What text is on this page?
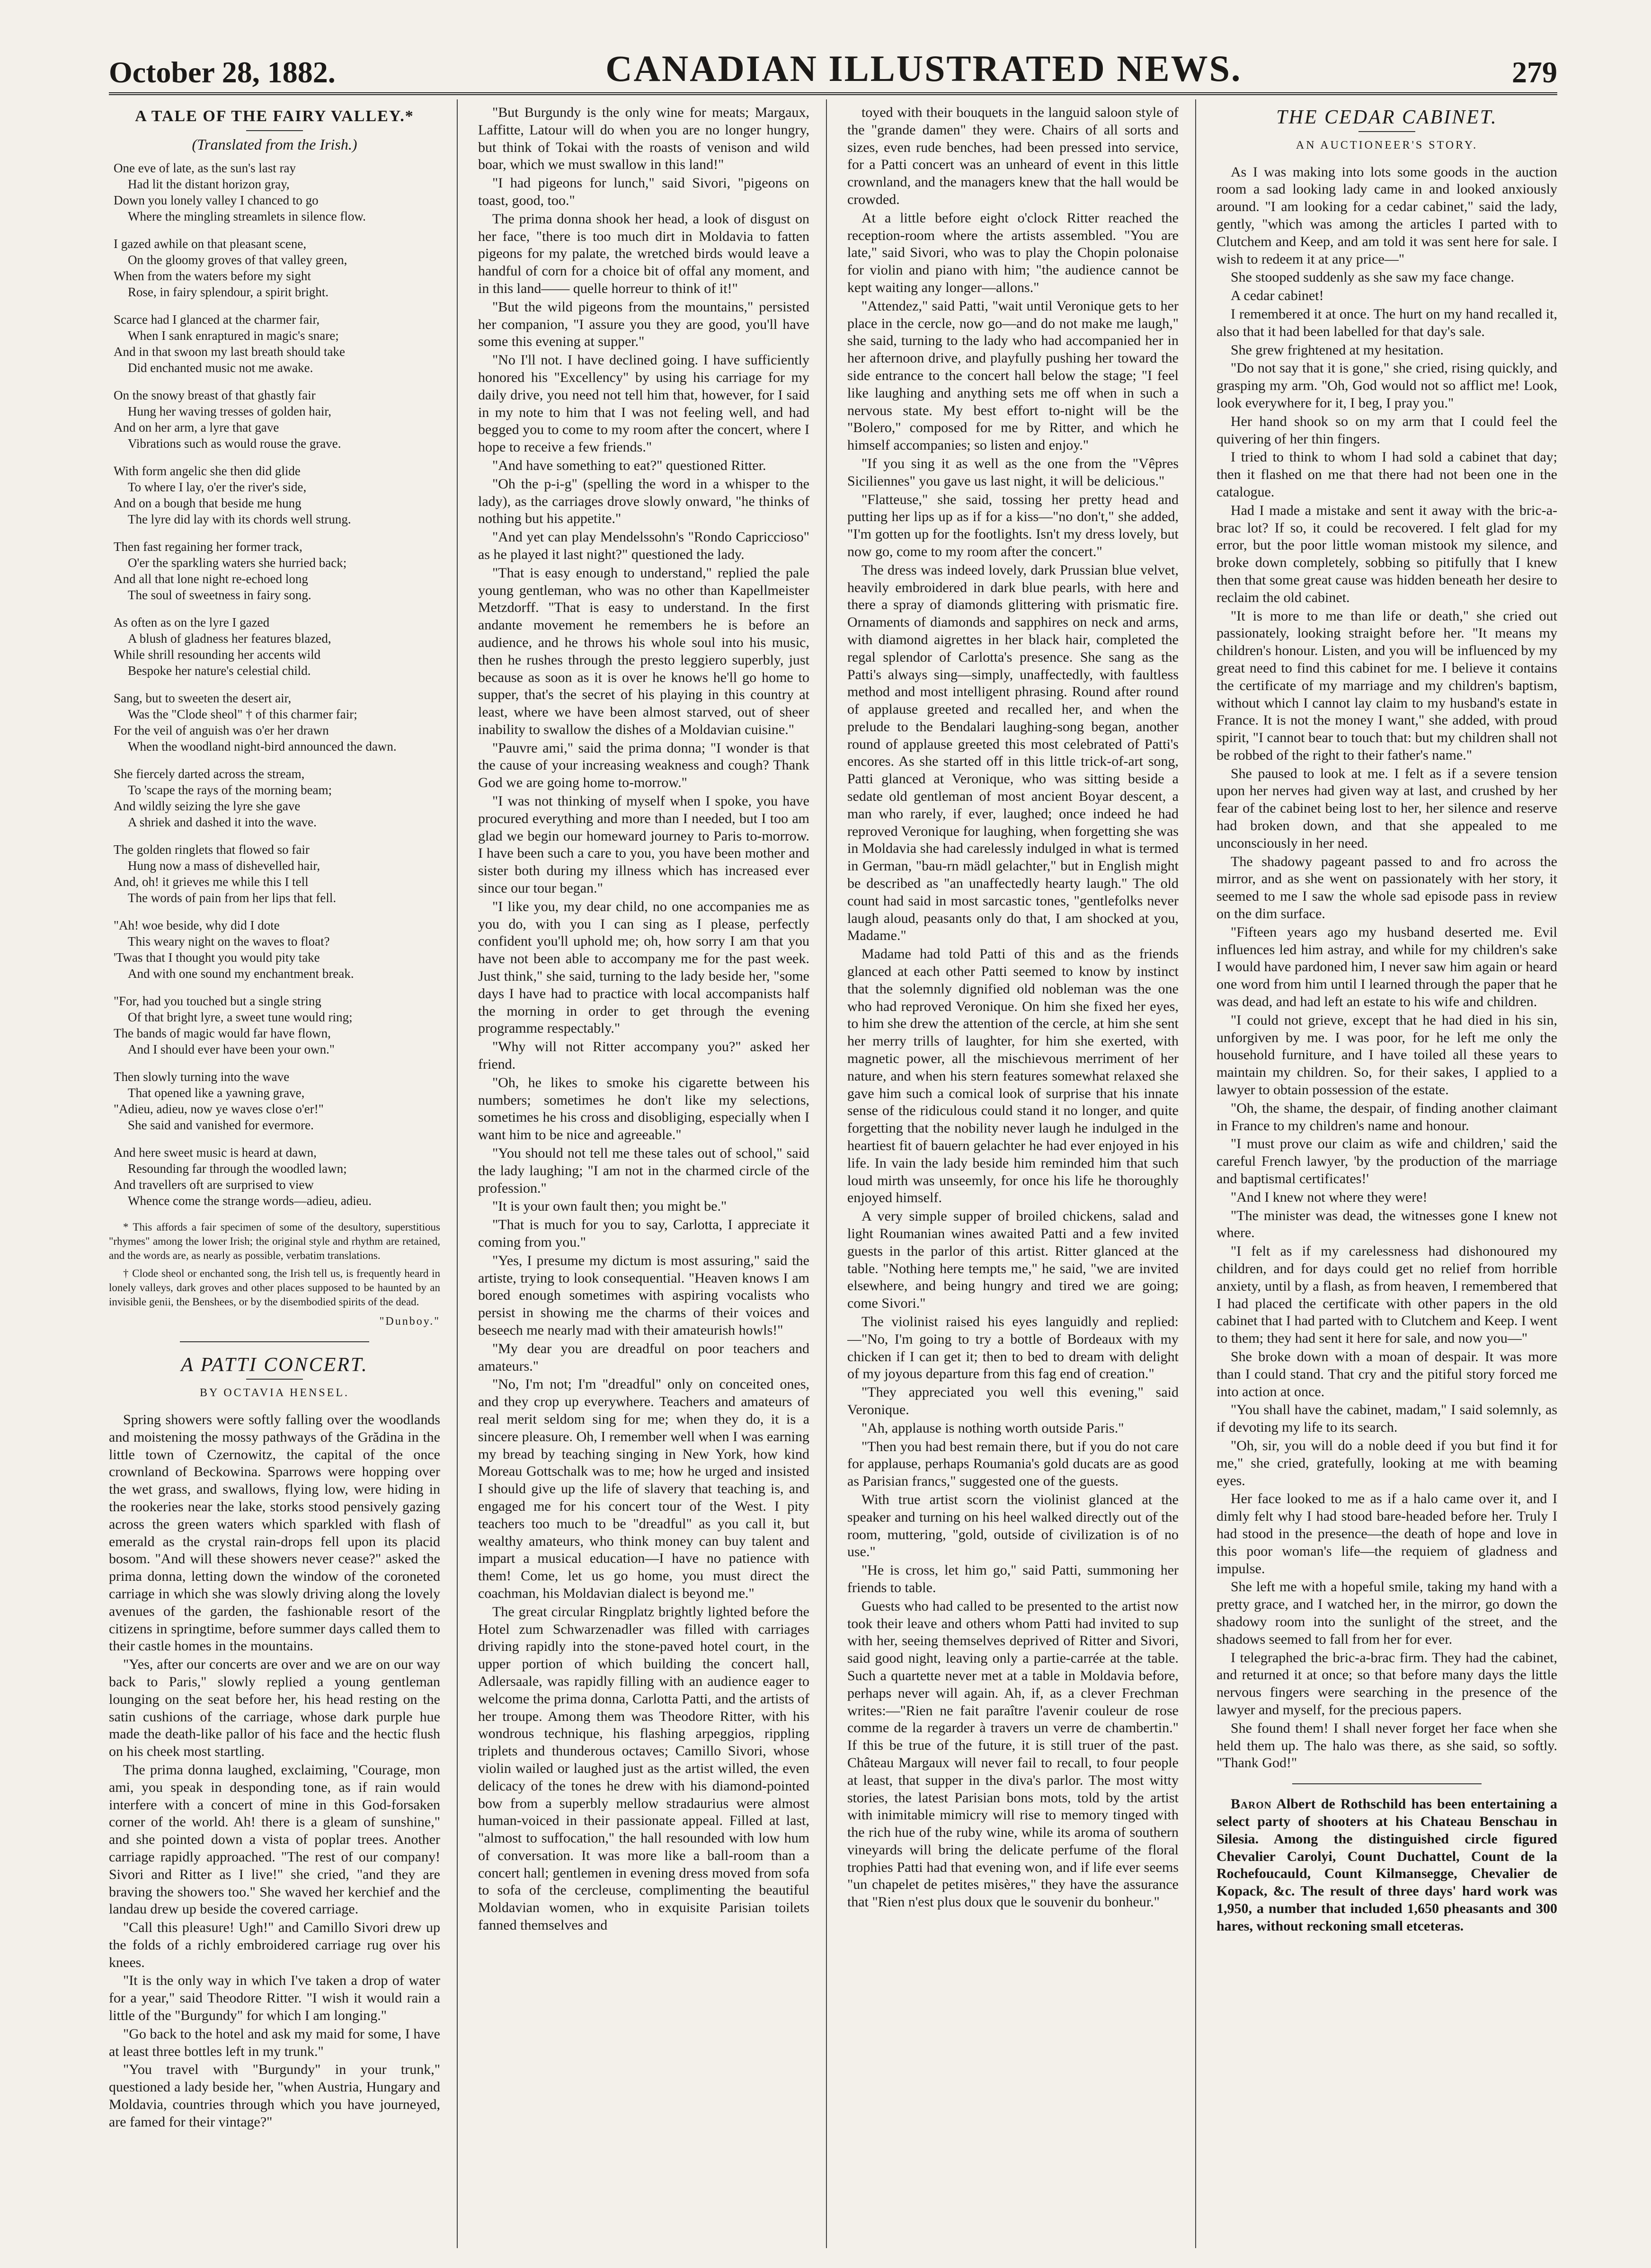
October 28, 1882.	CANADIAN ILLUSTRATED NEWS.	279
A TALE OF THE FAIRY VALLEY.*
(Translated from the Irish.)
One eve of late, as the sun's last ray
Had lit the distant horizon gray,
Down you lonely valley I chanced to go
Where the mingling streamlets in silence flow.
I gazed awhile on that pleasant scene,
On the gloomy groves of that valley green,
When from the waters before my sight
Rose, in fairy splendour, a spirit bright.
Scarce had I glanced at the charmer fair,
When I sank enraptured in magic's snare;
And in that swoon my last breath should take
Did enchanted music not me awake.
On the snowy breast of that ghastly fair
Hung her waving tresses of golden hair,
And on her arm, a lyre that gave
Vibrations such as would rouse the grave.
With form angelic she then did glide
To where I lay, o'er the river's side,
And on a bough that beside me hung
The lyre did lay with its chords well strung.
Then fast regaining her former track,
O'er the sparkling waters she hurried back;
And all that lone night re-echoed long
The soul of sweetness in fairy song.
As often as on the lyre I gazed
A blush of gladness her features blazed,
While shrill resounding her accents wild
Bespoke her nature's celestial child.
Sang, but to sweeten the desert air,
Was the "Clode sheol" † of this charmer fair;
For the veil of anguish was o'er her drawn
When the woodland night-bird announced the dawn.
She fiercely darted across the stream,
To 'scape the rays of the morning beam;
And wildly seizing the lyre she gave
A shriek and dashed it into the wave.
The golden ringlets that flowed so fair
Hung now a mass of dishevelled hair,
And, oh! it grieves me while this I tell
The words of pain from her lips that fell.
"Ah! woe beside, why did I dote
This weary night on the waves to float?
'Twas that I thought you would pity take
And with one sound my enchantment break.
"For, had you touched but a single string
Of that bright lyre, a sweet tune would ring;
The bands of magic would far have flown,
And I should ever have been your own."
Then slowly turning into the wave
That opened like a yawning grave,
"Adieu, adieu, now ye waves close o'er!"
She said and vanished for evermore.
And here sweet music is heard at dawn,
Resounding far through the woodled lawn;
And travellers oft are surprised to view
Whence come the strange words—adieu, adieu.

* This affords a fair specimen of some of the desultory, superstitious "rhymes" among the lower Irish; the original style and rhythm are retained, and the words are, as nearly as possible, verbatim translations.

† Clode sheol or enchanted song, the Irish tell us, is frequently heard in lonely valleys, dark groves and other places supposed to be haunted by an invisible genii, the Benshees, or by the disembodied spirits of the dead.

"Dunboy."
A PATTI CONCERT.
BY OCTAVIA HENSEL.

Spring showers were softly falling over the woodlands and moistening the mossy pathways of the Grădina in the little town of Czernowitz, the capital of the once crownland of Beckowina. Sparrows were hopping over the wet grass, and swallows, flying low, were hiding in the rookeries near the lake, storks stood pensively gazing across the green waters which sparkled with flash of emerald as the crystal rain-drops fell upon its placid bosom. "And will these showers never cease?" asked the prima donna, letting down the window of the coroneted carriage in which she was slowly driving along the lovely avenues of the garden, the fashionable resort of the citizens in springtime, before summer days called them to their castle homes in the mountains.

"Yes, after our concerts are over and we are on our way back to Paris," slowly replied a young gentleman lounging on the seat before her, his head resting on the satin cushions of the carriage, whose dark purple hue made the death-like pallor of his face and the hectic flush on his cheek most startling.

The prima donna laughed, exclaiming, "Courage, mon ami, you speak in desponding tone, as if rain would interfere with a concert of mine in this God-forsaken corner of the world. Ah! there is a gleam of sunshine," and she pointed down a vista of poplar trees. Another carriage rapidly approached. "The rest of our company! Sivori and Ritter as I live!" she cried, "and they are braving the showers too." She waved her kerchief and the landau drew up beside the covered carriage.

"Call this pleasure! Ugh!" and Camillo Sivori drew up the folds of a richly embroidered carriage rug over his knees.

"It is the only way in which I've taken a drop of water for a year," said Theodore Ritter. "I wish it would rain a little of the "Burgundy" for which I am longing."

"Go back to the hotel and ask my maid for some, I have at least three bottles left in my trunk."

"You travel with "Burgundy" in your trunk," questioned a lady beside her, "when Austria, Hungary and Moldavia, countries through which you have journeyed, are famed for their vintage?"

"But Burgundy is the only wine for meats; Margaux, Laffitte, Latour will do when you are no longer hungry, but think of Tokai with the roasts of venison and wild boar, which we must swallow in this land!"

"I had pigeons for lunch," said Sivori, "pigeons on toast, good, too."

The prima donna shook her head, a look of disgust on her face, "there is too much dirt in Moldavia to fatten pigeons for my palate, the wretched birds would leave a handful of corn for a choice bit of offal any moment, and in this land—— quelle horreur to think of it!"

"But the wild pigeons from the mountains," persisted her companion, "I assure you they are good, you'll have some this evening at supper."

"No I'll not. I have declined going. I have sufficiently honored his "Excellency" by using his carriage for my daily drive, you need not tell him that, however, for I said in my note to him that I was not feeling well, and had begged you to come to my room after the concert, where I hope to receive a few friends."

"And have something to eat?" questioned Ritter.

"Oh the p-i-g" (spelling the word in a whisper to the lady), as the carriages drove slowly onward, "he thinks of nothing but his appetite."

"And yet can play Mendelssohn's "Rondo Capriccioso" as he played it last night?" questioned the lady.

"That is easy enough to understand," replied the pale young gentleman, who was no other than Kapellmeister Metzdorff. "That is easy to understand. In the first andante movement he remembers he is before an audience, and he throws his whole soul into his music, then he rushes through the presto leggiero superbly, just because as soon as it is over he knows he'll go home to supper, that's the secret of his playing in this country at least, where we have been almost starved, out of sheer inability to swallow the dishes of a Moldavian cuisine."

"Pauvre ami," said the prima donna; "I wonder is that the cause of your increasing weakness and cough? Thank God we are going home to-morrow."

"I was not thinking of myself when I spoke, you have procured everything and more than I needed, but I too am glad we begin our homeward journey to Paris to-morrow. I have been such a care to you, you have been mother and sister both during my illness which has increased ever since our tour began."

"I like you, my dear child, no one accompanies me as you do, with you I can sing as I please, perfectly confident you'll uphold me; oh, how sorry I am that you have not been able to accompany me for the past week. Just think," she said, turning to the lady beside her, "some days I have had to practice with local accompanists half the morning in order to get through the evening programme respectably."

"Why will not Ritter accompany you?" asked her friend.

"Oh, he likes to smoke his cigarette between his numbers; sometimes he don't like my selections, sometimes he his cross and disobliging, especially when I want him to be nice and agreeable."

"You should not tell me these tales out of school," said the lady laughing; "I am not in the charmed circle of the profession."

"It is your own fault then; you might be."

"That is much for you to say, Carlotta, I appreciate it coming from you."

"Yes, I presume my dictum is most assuring," said the artiste, trying to look consequential. "Heaven knows I am bored enough sometimes with aspiring vocalists who persist in showing me the charms of their voices and beseech me nearly mad with their amateurish howls!"

"My dear you are dreadful on poor teachers and amateurs."

"No, I'm not; I'm "dreadful" only on conceited ones, and they crop up everywhere. Teachers and amateurs of real merit seldom sing for me; when they do, it is a sincere pleasure. Oh, I remember well when I was earning my bread by teaching singing in New York, how kind Moreau Gottschalk was to me; how he urged and insisted I should give up the life of slavery that teaching is, and engaged me for his concert tour of the West. I pity teachers too much to be "dreadful" as you call it, but wealthy amateurs, who think money can buy talent and impart a musical education—I have no patience with them! Come, let us go home, you must direct the coachman, his Moldavian dialect is beyond me."

The great circular Ringplatz brightly lighted before the Hotel zum Schwarzenadler was filled with carriages driving rapidly into the stone-paved hotel court, in the upper portion of which building the concert hall, Adlersaale, was rapidly filling with an audience eager to welcome the prima donna, Carlotta Patti, and the artists of her troupe. Among them was Theodore Ritter, with his wondrous technique, his flashing arpeggios, rippling triplets and thunderous octaves; Camillo Sivori, whose violin wailed or laughed just as the artist willed, the even delicacy of the tones he drew with his diamond-pointed bow from a superbly mellow stradaurius were almost human-voiced in their passionate appeal. Filled at last, "almost to suffocation," the hall resounded with low hum of conversation. It was more like a ball-room than a concert hall; gentlemen in evening dress moved from sofa to sofa of the cercleuse, complimenting the beautiful Moldavian women, who in exquisite Parisian toilets fanned themselves and

toyed with their bouquets in the languid saloon style of the "grande damen" they were. Chairs of all sorts and sizes, even rude benches, had been pressed into service, for a Patti concert was an unheard of event in this little crownland, and the managers knew that the hall would be crowded.

At a little before eight o'clock Ritter reached the reception-room where the artists assembled. "You are late," said Sivori, who was to play the Chopin polonaise for violin and piano with him; "the audience cannot be kept waiting any longer—allons."

"Attendez," said Patti, "wait until Veronique gets to her place in the cercle, now go—and do not make me laugh," she said, turning to the lady who had accompanied her in her afternoon drive, and playfully pushing her toward the side entrance to the concert hall below the stage; "I feel like laughing and anything sets me off when in such a nervous state. My best effort to-night will be the "Bolero," composed for me by Ritter, and which he himself accompanies; so listen and enjoy."

"If you sing it as well as the one from the "Vêpres Siciliennes" you gave us last night, it will be delicious."

"Flatteuse," she said, tossing her pretty head and putting her lips up as if for a kiss—"no don't," she added, "I'm gotten up for the footlights. Isn't my dress lovely, but now go, come to my room after the concert."

The dress was indeed lovely, dark Prussian blue velvet, heavily embroidered in dark blue pearls, with here and there a spray of diamonds glittering with prismatic fire. Ornaments of diamonds and sapphires on neck and arms, with diamond aigrettes in her black hair, completed the regal splendor of Carlotta's presence. She sang as the Patti's always sing—simply, unaffectedly, with faultless method and most intelligent phrasing. Round after round of applause greeted and recalled her, and when the prelude to the Bendalari laughing-song began, another round of applause greeted this most celebrated of Patti's encores. As she started off in this little trick-of-art song, Patti glanced at Veronique, who was sitting beside a sedate old gentleman of most ancient Boyar descent, a man who rarely, if ever, laughed; once indeed he had reproved Veronique for laughing, when forgetting she was in Moldavia she had carelessly indulged in what is termed in German, "bau-rn mädl gelachter," but in English might be described as "an unaffectedly hearty laugh." The old count had said in most sarcastic tones, "gentlefolks never laugh aloud, peasants only do that, I am shocked at you, Madame."

Madame had told Patti of this and as the friends glanced at each other Patti seemed to know by instinct that the solemnly dignified old nobleman was the one who had reproved Veronique. On him she fixed her eyes, to him she drew the attention of the cercle, at him she sent her merry trills of laughter, for him she exerted, with magnetic power, all the mischievous merriment of her nature, and when his stern features somewhat relaxed she gave him such a comical look of surprise that his innate sense of the ridiculous could stand it no longer, and quite forgetting that the nobility never laugh he indulged in the heartiest fit of bauern gelachter he had ever enjoyed in his life. In vain the lady beside him reminded him that such loud mirth was unseemly, for once his life he thoroughly enjoyed himself.

A very simple supper of broiled chickens, salad and light Roumanian wines awaited Patti and a few invited guests in the parlor of this artist. Ritter glanced at the table. "Nothing here tempts me," he said, "we are invited elsewhere, and being hungry and tired we are going; come Sivori."

The violinist raised his eyes languidly and replied:—"No, I'm going to try a bottle of Bordeaux with my chicken if I can get it; then to bed to dream with delight of my joyous departure from this fag end of creation."

"They appreciated you well this evening," said Veronique.

"Ah, applause is nothing worth outside Paris."

"Then you had best remain there, but if you do not care for applause, perhaps Roumania's gold ducats are as good as Parisian francs," suggested one of the guests.

With true artist scorn the violinist glanced at the speaker and turning on his heel walked directly out of the room, muttering, "gold, outside of civilization is of no use."

"He is cross, let him go," said Patti, summoning her friends to table.

Guests who had called to be presented to the artist now took their leave and others whom Patti had invited to sup with her, seeing themselves deprived of Ritter and Sivori, said good night, leaving only a partie-carrée at the table. Such a quartette never met at a table in Moldavia before, perhaps never will again. Ah, if, as a clever Frechman writes:—"Rien ne fait paraître l'avenir couleur de rose comme de la regarder à travers un verre de chambertin." If this be true of the future, it is still truer of the past. Château Margaux will never fail to recall, to four people at least, that supper in the diva's parlor. The most witty stories, the latest Parisian bons mots, told by the artist with inimitable mimicry will rise to memory tinged with the rich hue of the ruby wine, while its aroma of southern vineyards will bring the delicate perfume of the floral trophies Patti had that evening won, and if life ever seems "un chapelet de petites misères," they have the assurance that "Rien n'est plus doux que le souvenir du bonheur."

THE CEDAR CABINET.
AN AUCTIONEER'S STORY.

As I was making into lots some goods in the auction room a sad looking lady came in and looked anxiously around. "I am looking for a cedar cabinet," said the lady, gently, "which was among the articles I parted with to Clutchem and Keep, and am told it was sent here for sale. I wish to redeem it at any price—"

She stooped suddenly as she saw my face change.

A cedar cabinet!

I remembered it at once. The hurt on my hand recalled it, also that it had been labelled for that day's sale.

She grew frightened at my hesitation.

"Do not say that it is gone," she cried, rising quickly, and grasping my arm. "Oh, God would not so afflict me! Look, look everywhere for it, I beg, I pray you."

Her hand shook so on my arm that I could feel the quivering of her thin fingers.

I tried to think to whom I had sold a cabinet that day; then it flashed on me that there had not been one in the catalogue.

Had I made a mistake and sent it away with the bric-a-brac lot? If so, it could be recovered. I felt glad for my error, but the poor little woman mistook my silence, and broke down completely, sobbing so pitifully that I knew then that some great cause was hidden beneath her desire to reclaim the old cabinet.

"It is more to me than life or death," she cried out passionately, looking straight before her. "It means my children's honour. Listen, and you will be influenced by my great need to find this cabinet for me. I believe it contains the certificate of my marriage and my children's baptism, without which I cannot lay claim to my husband's estate in France. It is not the money I want," she added, with proud spirit, "I cannot bear to touch that: but my children shall not be robbed of the right to their father's name."

She paused to look at me. I felt as if a severe tension upon her nerves had given way at last, and crushed by her fear of the cabinet being lost to her, her silence and reserve had broken down, and that she appealed to me unconsciously in her need.

The shadowy pageant passed to and fro across the mirror, and as she went on passionately with her story, it seemed to me I saw the whole sad episode pass in review on the dim surface.

"Fifteen years ago my husband deserted me. Evil influences led him astray, and while for my children's sake I would have pardoned him, I never saw him again or heard one word from him until I learned through the paper that he was dead, and had left an estate to his wife and children.

"I could not grieve, except that he had died in his sin, unforgiven by me. I was poor, for he left me only the household furniture, and I have toiled all these years to maintain my children. So, for their sakes, I applied to a lawyer to obtain possession of the estate.

"Oh, the shame, the despair, of finding another claimant in France to my children's name and honour.

"I must prove our claim as wife and children,' said the careful French lawyer, 'by the production of the marriage and baptismal certificates!'

"And I knew not where they were!

"The minister was dead, the witnesses gone I knew not where.

"I felt as if my carelessness had dishonoured my children, and for days could get no relief from horrible anxiety, until by a flash, as from heaven, I remembered that I had placed the certificate with other papers in the old cabinet that I had parted with to Clutchem and Keep. I went to them; they had sent it here for sale, and now you—"

She broke down with a moan of despair. It was more than I could stand. That cry and the pitiful story forced me into action at once.

"You shall have the cabinet, madam," I said solemnly, as if devoting my life to its search.

"Oh, sir, you will do a noble deed if you but find it for me," she cried, gratefully, looking at me with beaming eyes.

Her face looked to me as if a halo came over it, and I dimly felt why I had stood bare-headed before her. Truly I had stood in the presence—the death of hope and love in this poor woman's life—the requiem of gladness and impulse.

She left me with a hopeful smile, taking my hand with a pretty grace, and I watched her, in the mirror, go down the shadowy room into the sunlight of the street, and the shadows seemed to fall from her for ever.

I telegraphed the bric-a-brac firm. They had the cabinet, and returned it at once; so that before many days the little nervous fingers were searching in the presence of the lawyer and myself, for the precious papers.

She found them! I shall never forget her face when she held them up. The halo was there, as she said, so softly. "Thank God!"

Baron Albert de Rothschild has been entertaining a select party of shooters at his Chateau Benschau in Silesia. Among the distinguished circle figured Chevalier Carolyi, Count Duchattel, Count de la Rochefoucauld, Count Kilmansegge, Chevalier de Kopack, &c. The result of three days' hard work was 1,950, a number that included 1,650 pheasants and 300 hares, without reckoning small etceteras.
